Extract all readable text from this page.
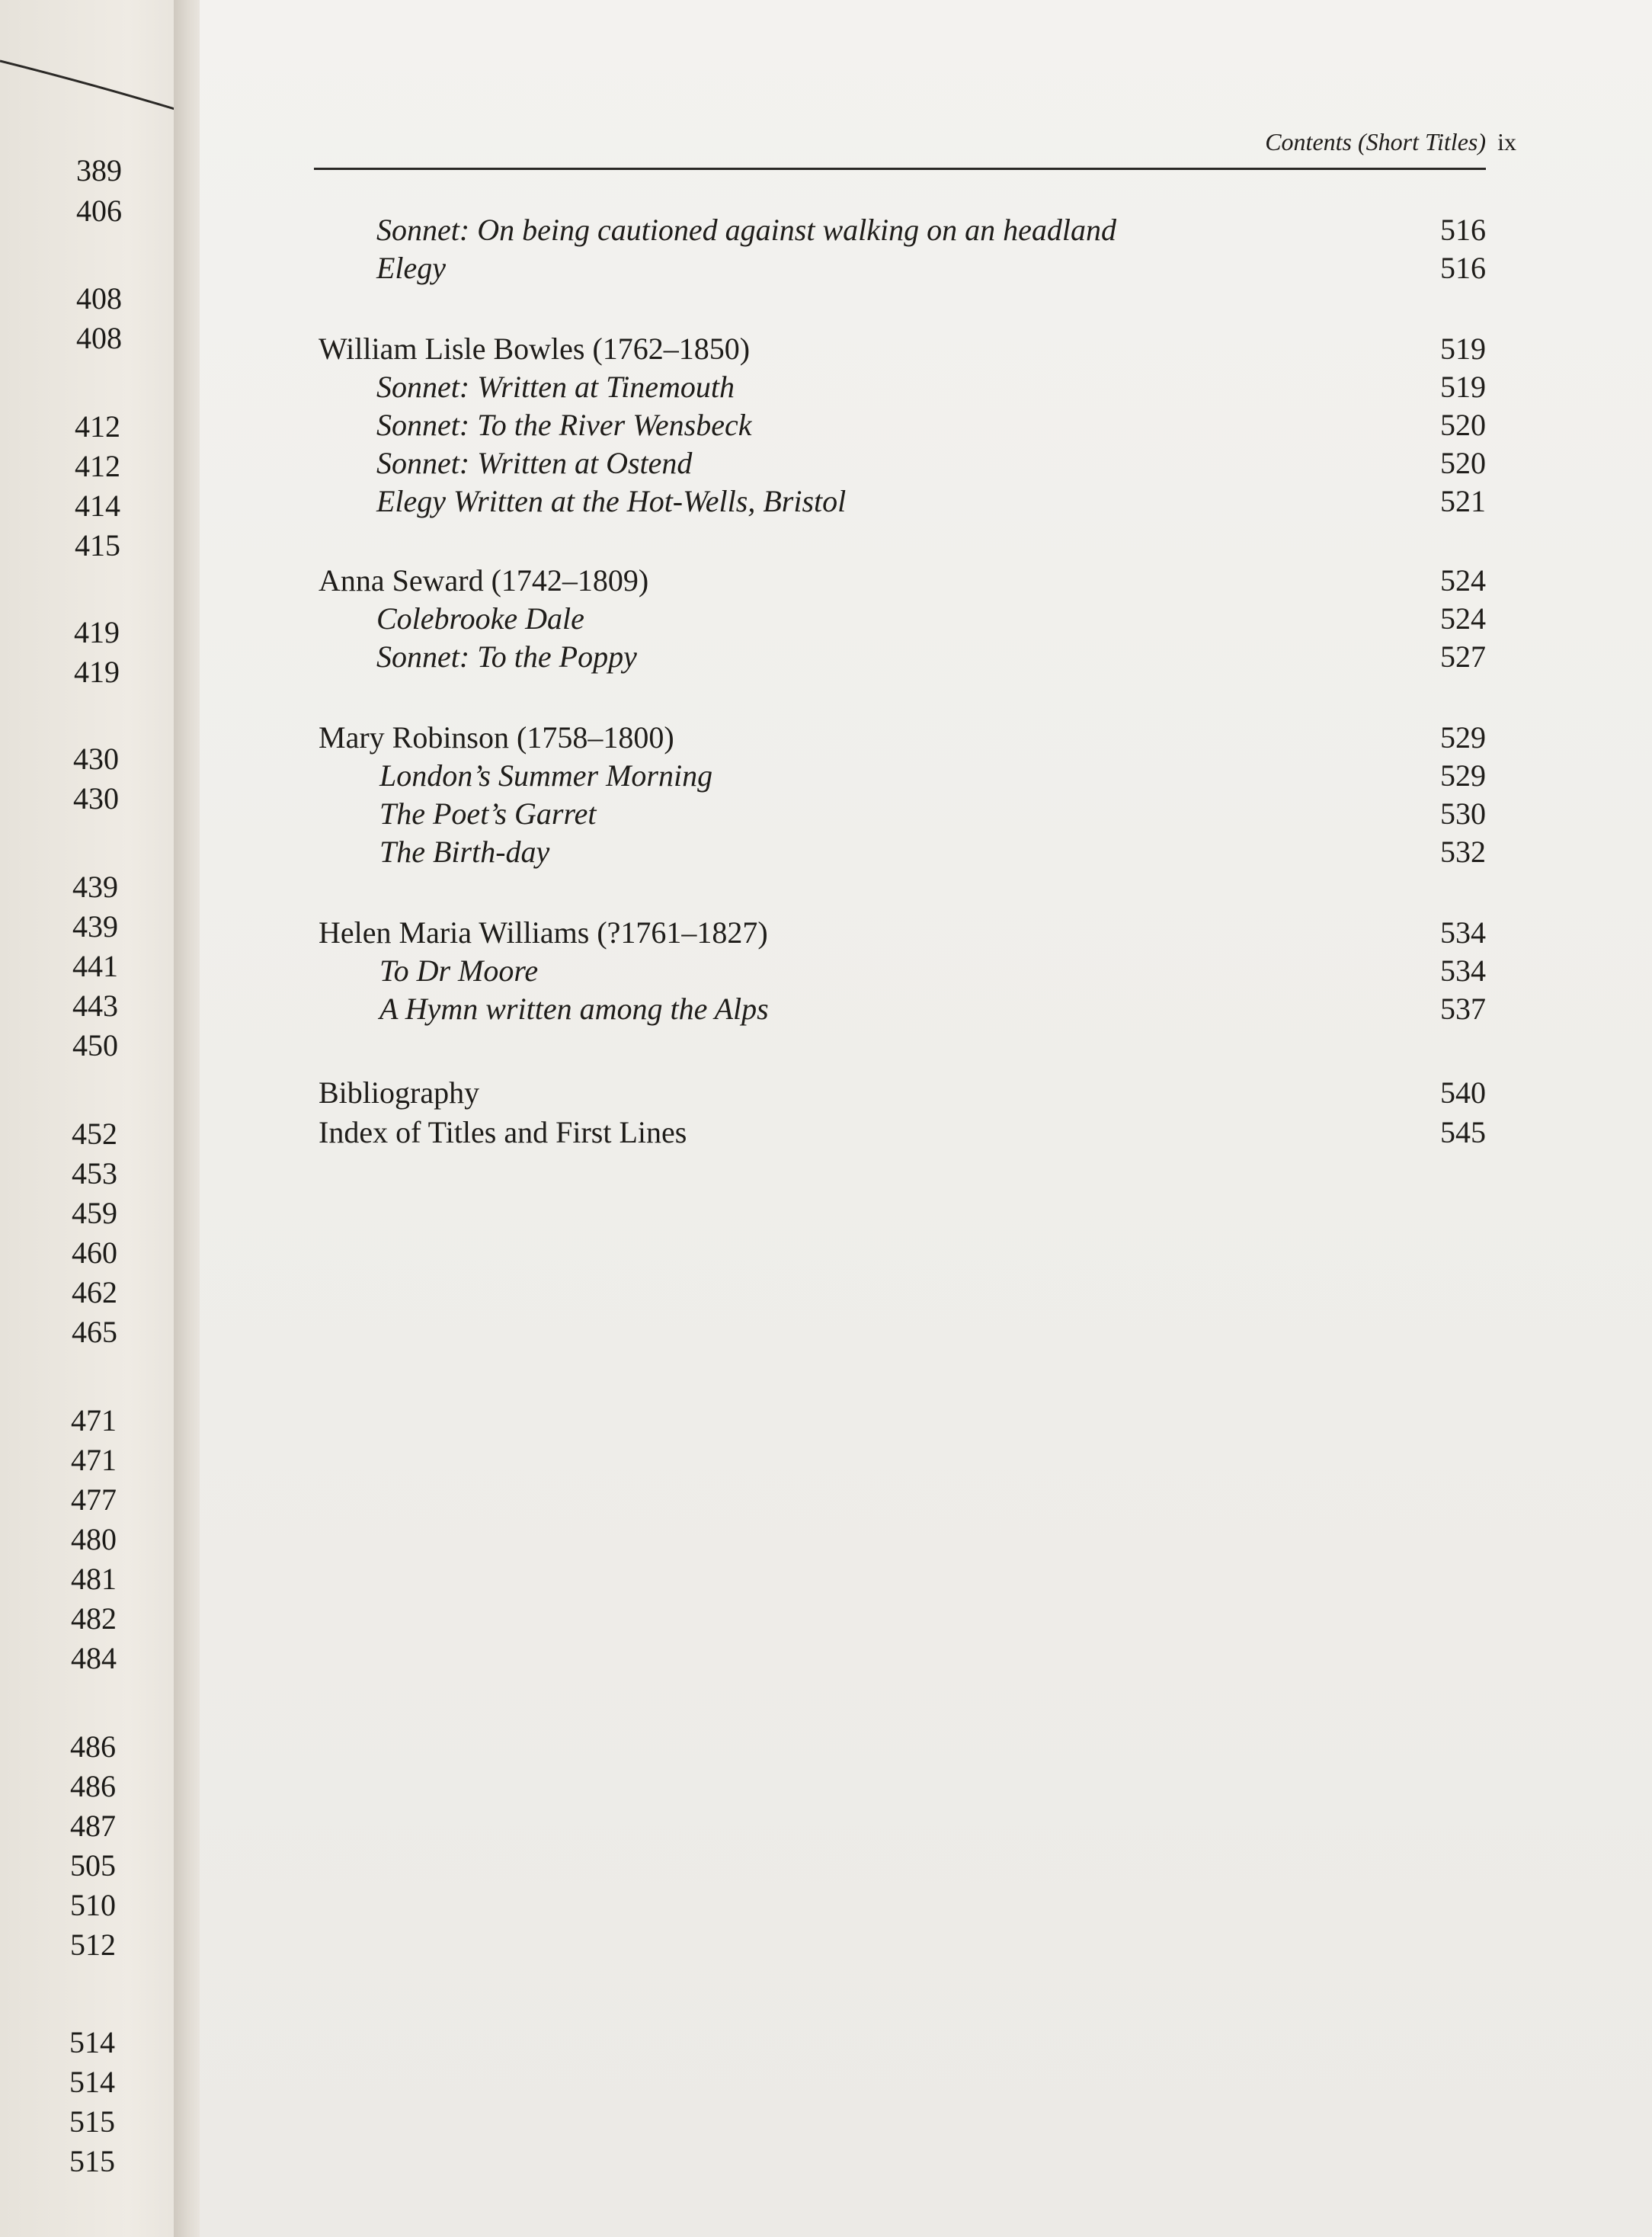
389
406
408
408
412
412
414
415
419
419
430
430
439
439
441
443
450
452
453
459
460
462
465
471
471
477
480
481
482
484
486
486
487
505
510
512
514
514
515
515
Contents (Short Titles) ix
Sonnet: On being cautioned against walking on an headland	516
Elegy	516
William Lisle Bowles (1762–1850)	519
Sonnet: Written at Tinemouth	519
Sonnet: To the River Wensbeck	520
Sonnet: Written at Ostend	520
Elegy Written at the Hot-Wells, Bristol	521
Anna Seward (1742–1809)	524
Colebrooke Dale	524
Sonnet: To the Poppy	527
Mary Robinson (1758–1800)	529
London’s Summer Morning	529
The Poet’s Garret	530
The Birth-day	532
Helen Maria Williams (?1761–1827)	534
To Dr Moore	534
A Hymn written among the Alps	537
Bibliography	540
Index of Titles and First Lines	545
